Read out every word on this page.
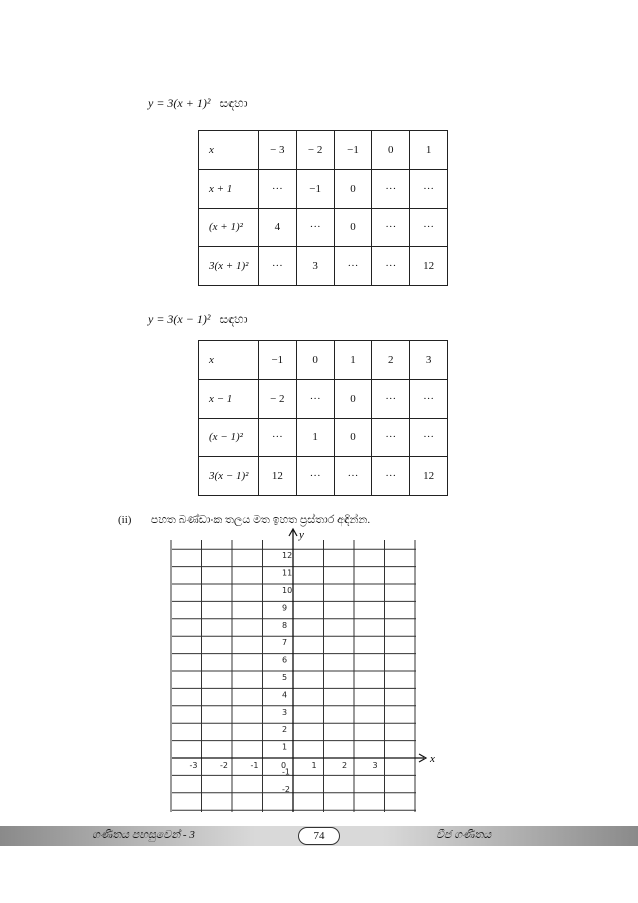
y = 3(x + 1)² සඳහා
x	− 3	− 2	−1	0	1
x + 1	···	−1	0	···	···
(x + 1)²	4	···	0	···	···
3(x + 1)²	···	3	···	···	12
y = 3(x − 1)² සඳහා
x	−1	0	1	2	3
x − 1	− 2	···	0	···	···
(x − 1)²	···	1	0	···	···
3(x − 1)²	12	···	···	···	12
(ii) පහත බණ්ඩාංක තලය මත ඉහත ප්‍රස්තාර අඳින්න.
x
y
-3	-2	-1	0	1	2	3
1
2
3
4
5
6
7
8
9
10
11
12
-1
-2
ගණිතය පහසුවෙන් - 3	74	වීජ ගණිතය
